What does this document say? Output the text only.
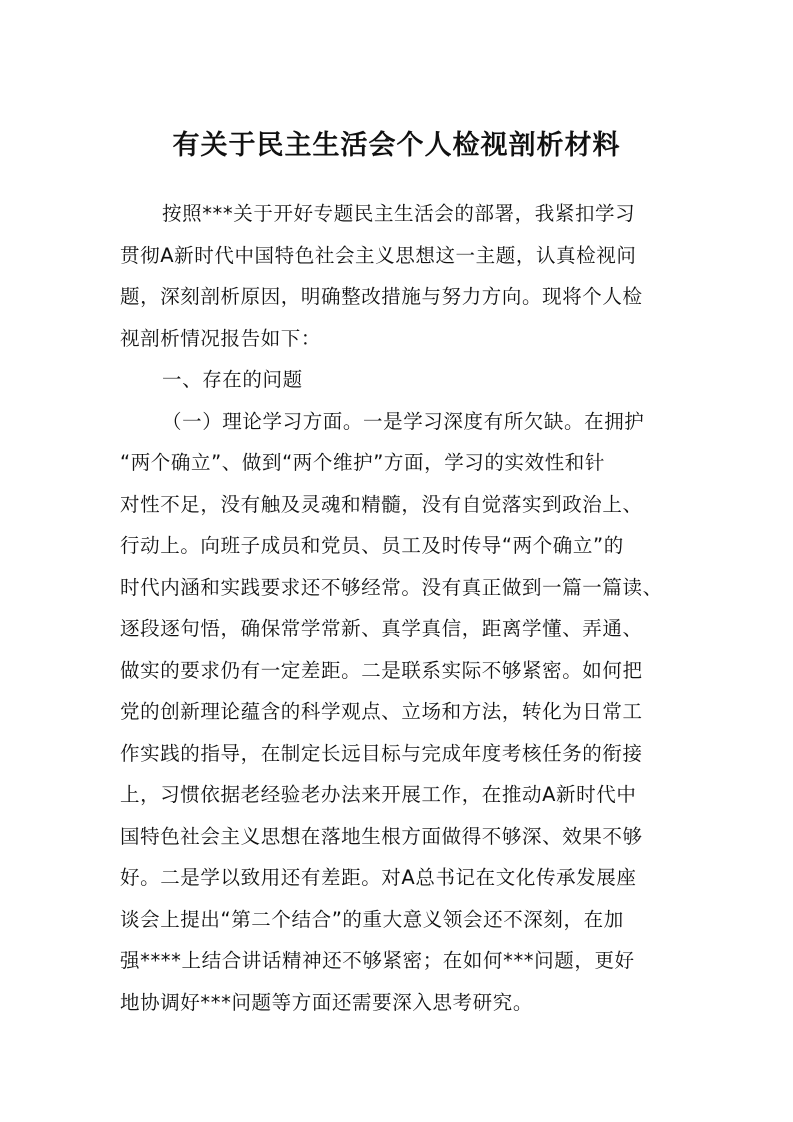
有关于民主生活会个人检视剖析材料
按照***关于开好专题民主生活会的部署，我紧扣学习
贯彻A新时代中国特色社会主义思想这一主题，认真检视问
题，深刻剖析原因，明确整改措施与努力方向。现将个人检
视剖析情况报告如下：
一、存在的问题
（一）理论学习方面。一是学习深度有所欠缺。在拥护
“两个确立”、做到“两个维护”方面，学习的实效性和针
对性不足，没有触及灵魂和精髓，没有自觉落实到政治上、
行动上。向班子成员和党员、员工及时传导“两个确立”的
时代内涵和实践要求还不够经常。没有真正做到一篇一篇读、
逐段逐句悟，确保常学常新、真学真信，距离学懂、弄通、
做实的要求仍有一定差距。二是联系实际不够紧密。如何把
党的创新理论蕴含的科学观点、立场和方法，转化为日常工
作实践的指导，在制定长远目标与完成年度考核任务的衔接
上，习惯依据老经验老办法来开展工作，在推动A新时代中
国特色社会主义思想在落地生根方面做得不够深、效果不够
好。二是学以致用还有差距。对A总书记在文化传承发展座
谈会上提出“第二个结合”的重大意义领会还不深刻，在加
强****上结合讲话精神还不够紧密；在如何***问题，更好
地协调好***问题等方面还需要深入思考研究。
